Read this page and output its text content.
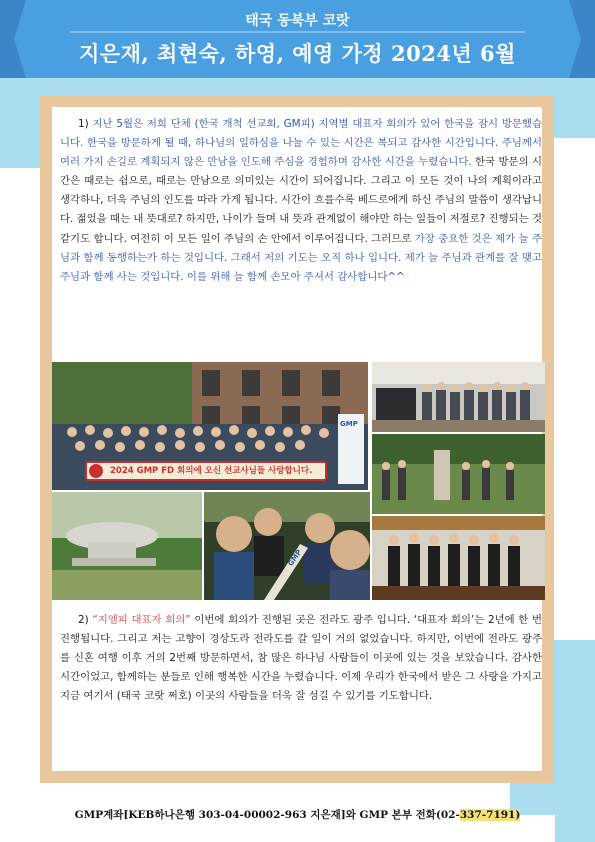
태국 동북부 코랏
지은재, 최현숙, 하영, 예영 가정 2024년 6월
1) 지난 5월은 저희 단체 (한국 개척 선교회, GM피) 지역별 대표자 회의가 있어 한국을 잠시 방문했습니다. 한국을 방문하게 될 때, 하나님의 일하심을 나눌 수 있는 시간은 복되고 감사한 시간입니다. 주님께서 여러 가지 손길로 계획되지 않은 만남을 인도해 주심을 경험하며 감사한 시간을 누렸습니다. 한국 방문의 시간은 때로는 쉼으로, 때로는 만남으로 의미있는 시간이 되어집니다. 그리고 이 모든 것이 나의 계획이라고 생각하나, 더욱 주님의 인도를 따라 가게 됩니다. 시간이 흐를수록 베드로에게 하신 주님의 말씀이 생각납니다. 젊었을 때는 내 뜻대로? 하지만, 나이가 들며 내 뜻과 관계없이 해야만 하는 일들이 저절로? 진행되는 것 같기도 합니다. 여전히 이 모든 일이 주님의 손 안에서 이루어집니다. 그러므로 가장 중요한 것은 제가 늘 주님과 함께 동행하는가 하는 것입니다. 그래서 저의 기도는 오직 하나 입니다. 제가 늘 주님과 관계를 잘 맺고 주님과 함께 사는 것입니다. 이를 위해 늘 함께 손모아 주셔서 감사합니다^^
2024 GMP FD 회의에 오신 선교사님들 사랑합니다.
GMP
GMP
2) “지엠피 대표자 회의” 이번에 회의가 진행된 곳은 전라도 광주 입니다. ‘대표자 회의’는 2년에 한 번 진행됩니다. 그리고 저는 고향이 경상도라 전라도를 갈 일이 거의 없었습니다. 하지만, 이번에 전라도 광주를 신혼 여행 이후 거의 2번째 방문하면서, 참 많은 하나님 사람들이 이곳에 있는 것을 보았습니다. 감사한 시간이었고, 함께하는 분들로 인해 행복한 시간을 누렸습니다. 이제 우리가 한국에서 받은 그 사랑을 가지고 지금 여기서 (태국 코랏 쩌호) 이곳의 사람들을 더욱 잘 섬길 수 있기를 기도합니다.
GMP계좌[KEB하나은행 303-04-00002-963 지은재]와 GMP 본부 전화(02-337-7191)
